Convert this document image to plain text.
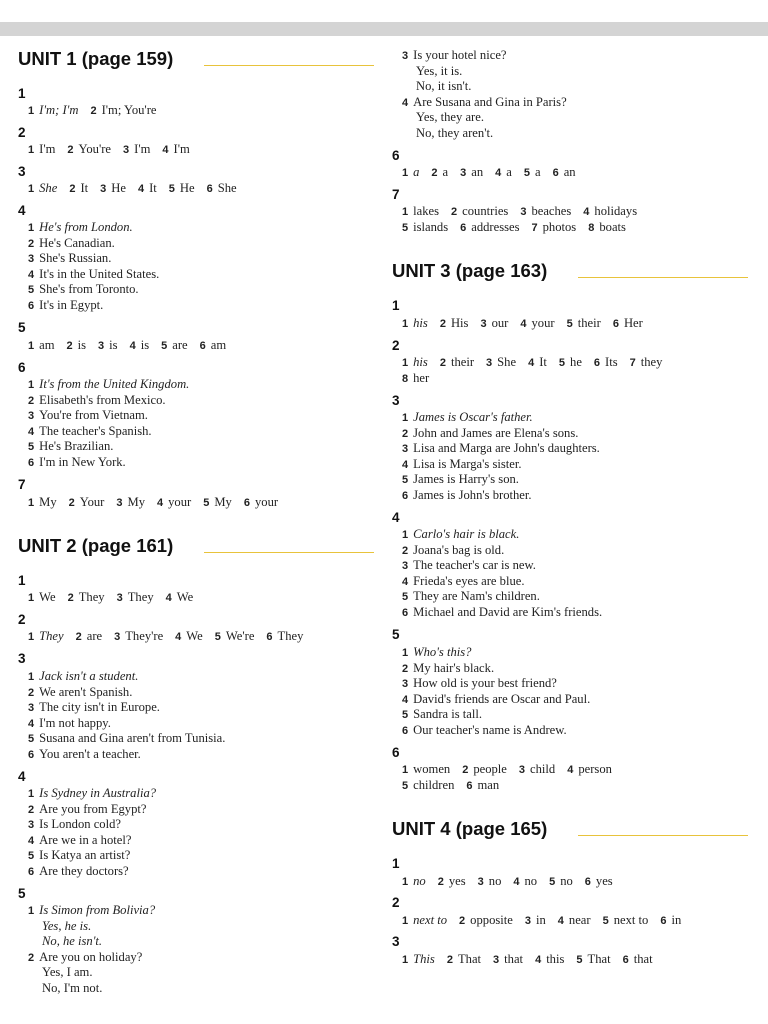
UNIT 1 (page 159)
1
1 I'm; I'm 2 I'm; You're
2
1 I'm 2 You're 3 I'm 4 I'm
3
1 She 2 It 3 He 4 It 5 He 6 She
4
1 He's from London.
2 He's Canadian.
3 She's Russian.
4 It's in the United States.
5 She's from Toronto.
6 It's in Egypt.
5
1 am 2 is 3 is 4 is 5 are 6 am
6
1 It's from the United Kingdom.
2 Elisabeth's from Mexico.
3 You're from Vietnam.
4 The teacher's Spanish.
5 He's Brazilian.
6 I'm in New York.
7
1 My 2 Your 3 My 4 your 5 My 6 your
UNIT 2 (page 161)
1
1 We 2 They 3 They 4 We
2
1 They 2 are 3 They're 4 We 5 We're 6 They
3
1 Jack isn't a student.
2 We aren't Spanish.
3 The city isn't in Europe.
4 I'm not happy.
5 Susana and Gina aren't from Tunisia.
6 You aren't a teacher.
4
1 Is Sydney in Australia?
2 Are you from Egypt?
3 Is London cold?
4 Are we in a hotel?
5 Is Katya an artist?
6 Are they doctors?
5
1 Is Simon from Bolivia?
Yes, he is.
No, he isn't.
2 Are you on holiday?
Yes, I am.
No, I'm not.
3 Is your hotel nice?
Yes, it is.
No, it isn't.
4 Are Susana and Gina in Paris?
Yes, they are.
No, they aren't.
6
1 a 2 a 3 an 4 a 5 a 6 an
7
1 lakes 2 countries 3 beaches 4 holidays
5 islands 6 addresses 7 photos 8 boats
UNIT 3 (page 163)
1
1 his 2 His 3 our 4 your 5 their 6 Her
2
1 his 2 their 3 She 4 It 5 he 6 Its 7 they
8 her
3
1 James is Oscar's father.
2 John and James are Elena's sons.
3 Lisa and Marga are John's daughters.
4 Lisa is Marga's sister.
5 James is Harry's son.
6 James is John's brother.
4
1 Carlo's hair is black.
2 Joana's bag is old.
3 The teacher's car is new.
4 Frieda's eyes are blue.
5 They are Nam's children.
6 Michael and David are Kim's friends.
5
1 Who's this?
2 My hair's black.
3 How old is your best friend?
4 David's friends are Oscar and Paul.
5 Sandra is tall.
6 Our teacher's name is Andrew.
6
1 women 2 people 3 child 4 person
5 children 6 man
UNIT 4 (page 165)
1
1 no 2 yes 3 no 4 no 5 no 6 yes
2
1 next to 2 opposite 3 in 4 near 5 next to 6 in
3
1 This 2 That 3 that 4 this 5 That 6 that
